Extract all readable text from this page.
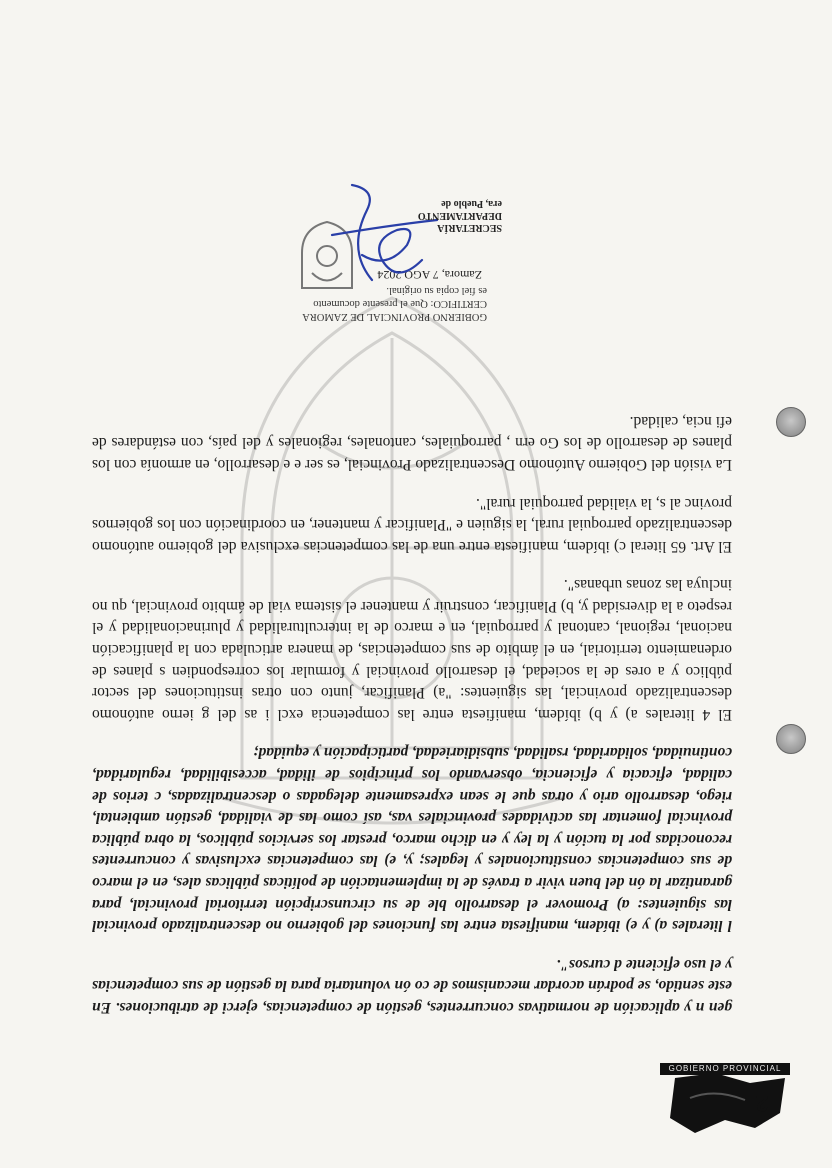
gen n y aplicación de normativas concurrentes, gestión de competencias, ejerci de atribuciones. En este sentido, se podrán acordar mecanismos de co ón voluntaria para la gestión de sus competencias y el uso eficiente d cursos".

l literales a) y e) ibídem, manifiesta entre las funciones del gobierno no descentralizado provincial las siguientes: a) Promover el desarrollo ble de su circunscripción territorial provincial, para garantizar la ón del buen vivir a través de la implementación de políticas públicas ales, en el marco de sus competencias constitucionales y legales; y, e) las competencias exclusivas y concurrentes reconocidas por la tución y la ley y en dicho marco, prestar los servicios públicos, la obra pública provincial fomentar las actividades provinciales vas, así como las de vialidad, gestión ambiental, riego, desarrollo ario y otras que le sean expresamente delegadas o descentralizadas, c terios de calidad, eficacia y eficiencia, observando los principios de ilidad, accesibilidad, regularidad, continuidad, solidaridad, rsalidad, subsidiariedad, participación y equidad;

El 4 literales a) y b) ibídem, manifiesta entre las competencia excl i as del g ierno autónomo descentralizado provincial, las siguientes: "a) Planificar, junto con otras instituciones del sector público y a ores de la sociedad, el desarrollo provincial y formular los correspondien s planes de ordenamiento territorial, en el ámbito de sus competencias, de manera articulada con la planificación nacional, regional, cantonal y parroquial, en e marco de la interculturalidad y plurinacionalidad y el respeto a la diversidad y, b) Planificar, construir y mantener el sistema vial de ámbito provincial, qu no incluya las zonas urbanas".

El Art. 65 literal c) ibídem, manifiesta entre una de las competencias exclusiva del gobierno autónomo descentralizado parroquial rural, la siguien e "Planificar y mantener, en coordinación con los gobiernos provinc al s, la vialidad parroquial rural".

La visión del Gobierno Autónomo Descentralizado Provincial, es ser e e desarrollo, en armonía con los planes de desarrollo de los Go ern , parroquiales, cantonales, regionales y del país, con estándares de efi ncia, calidad.

GOBIERNO PROVINCIAL DE ZAMORA
CERTIFICO: Que el presente documento
es fiel copia su original.
Zamora, 7 AGO 2024
SECRETARÍA
DEPARTAMENTO
era, Pueblo de
GOBIERNO PROVINCIAL
2
